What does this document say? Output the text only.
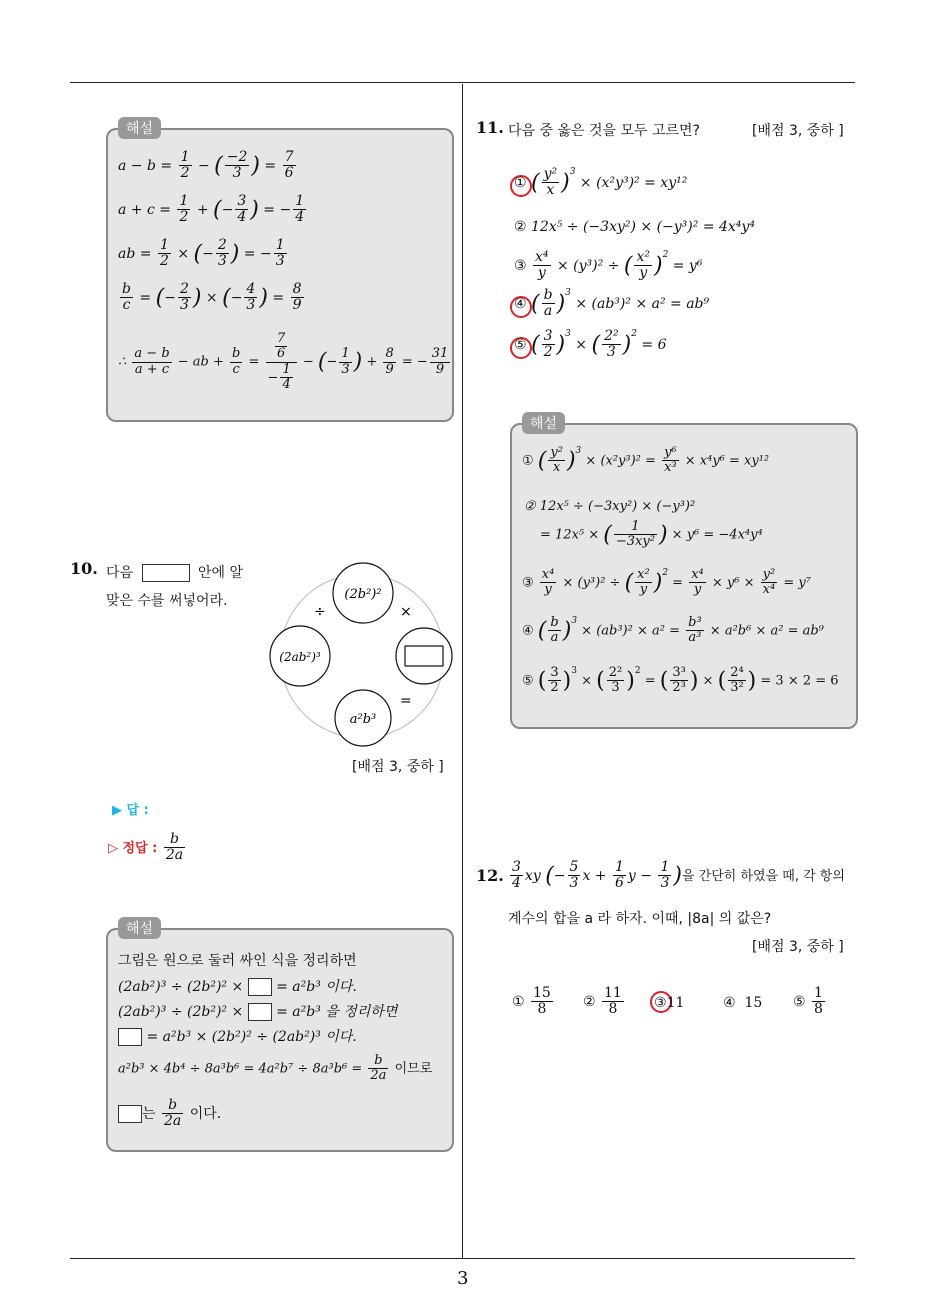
3
해설
$a - b = \frac{1}{2}$ − ( $\frac{-2}{3}$ ) = $\frac{7}{6}$
$a + c = \frac{1}{2}$ + (− $\frac{3}{4}$ ) = − $\frac{1}{4}$
ab = $\frac{1}{2}$ × (− $\frac{2}{3}$ ) = − $\frac{1}{3}$
$\frac{b}{c}$ = (− $\frac{2}{3}$ ) × (− $\frac{4}{3}$ ) = $\frac{8}{9}$
∴ $\frac{a - b}{a + c}$ − ab + $\frac{b}{c} = \frac{\frac{7}{6}}{- \frac{1}{4}}$ − (− $\frac{1}{3}$ ) + $\frac{8}{9}$ = − $\frac{31}{9}$
10. 다음	안에 알
맞은 수를 써넣어라.	(2b²)²
(2ab²)³
a²b³
÷	×
=
[배점 3, 중하 ]
▶ 답 :
▷ 정답 : $\frac{b}{2a}$
해설
그림은 원으로 둘러 싸인 식을 정리하면
(2ab²)³ ÷ (2b²)² × = a²b³ 이다.
(2ab²)³ ÷ (2b²)² × = a²b³ 을 정리하면
= a²b³ × (2b²)² ÷ (2ab²)³ 이다.
$a^2b^3 \times 4b^4 \div 8a^3b^6 = 4a^2b^7 \div 8a^3b^6 = \frac{b}{2a}$ 이므로
는 $\frac{b}{2a}$ 이다.
11. 다음 중 옳은 것을 모두 고르면?	[배점 3, 중하 ]
① ( $\frac{\text{y²}}{x} )^3 \times (x^2y^3)^2 = xy^{12}$
② 12x⁵ ÷ (−3xy²) × (−y³)² = 4x⁴y⁴
③ $\frac{\text{x⁴}}{y} \times (y^3)^2$ ÷ ( $\frac{\text{x²}}{y} )^2 = y^6$
④ ( $\frac{b}{a} )^3 \times (ab^3)^2 \times a^2 = ab^9$
⑤ ( $\frac{3}{2} )^3$ × ( $\frac{\text{2²}}{3} )^2 = 6$
해설
① ( $\frac{\text{y²}}{x} )^3 \times (x^2y^3)^2 = \frac{\text{y⁶}}{\text{x³}} \times x^4y^6 = xy^{12}$
② 12x⁵ ÷ (−3xy²) × (−y³)²
= 12x⁵ × ( $\frac{1}{\text{−3xy²}}$ ) × y⁶ = −4x⁴y⁴
③ $\frac{\text{x⁴}}{y} \times (y^3)^2$ ÷ ( $\frac{\text{x²}}{y} )^2 = \frac{\text{x⁴}}{y} \times y^6 \times \frac{\text{y²}}{\text{x⁴}} = y^7$
④ ( $\frac{b}{a} )^3 \times (ab^3)^2 \times a^2 = \frac{\text{b³}}{\text{a³}} \times a^2b^6 \times a^2 = ab^9$
⑤ ( $\frac{3}{2} )^3$ × ( $\frac{\text{2²}}{3} )^2$ = ( $\frac{\text{3³}}{\text{2³}}$ ) × ( $\frac{\text{2⁴}}{\text{3²}}$ ) = 3 × 2 = 6
12. $\frac{3}{4}$ xy (− $\frac{5}{3}$ $x + \frac{1}{6}$ $y - \frac{1}{3}$ )을 간단히 하였을 때, 각 항의
계수의 합을 a 라 하자. 이때, |8a| 의 값은?
[배점 3, 중하 ]
① $\frac{15}{8}$ ② $\frac{11}{8}$ ③11	④ 15 ⑤ $\frac{1}{8}$
